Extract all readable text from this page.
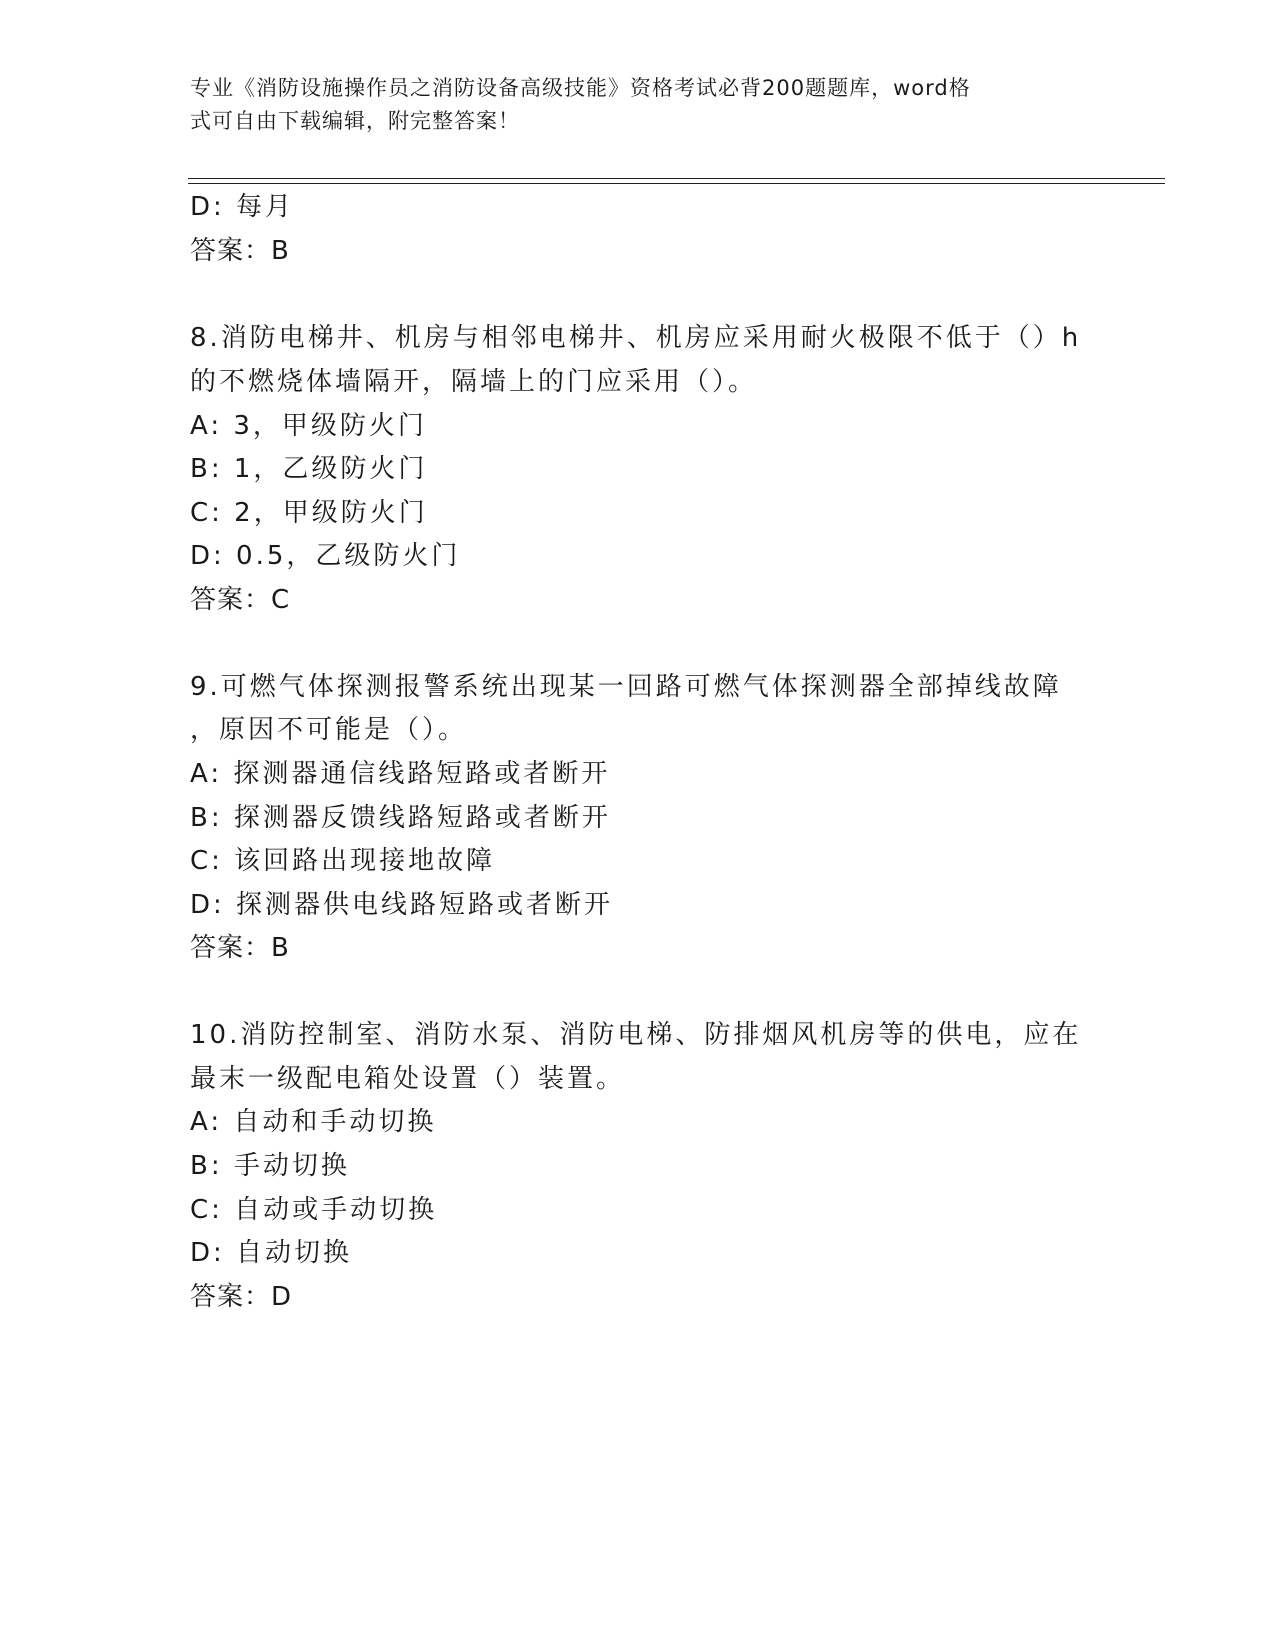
专业《消防设施操作员之消防设备高级技能》资格考试必背200题题库，word格
式可自由下载编辑，附完整答案！
D: 每月
答案：B
8.消防电梯井、机房与相邻电梯井、机房应采用耐火极限不低于（）h
的不燃烧体墙隔开，隔墙上的门应采用（）。
A: 3，甲级防火门
B: 1，乙级防火门
C: 2，甲级防火门
D: 0.5，乙级防火门
答案：C
9.可燃气体探测报警系统出现某一回路可燃气体探测器全部掉线故障
，原因不可能是（）。
A: 探测器通信线路短路或者断开
B: 探测器反馈线路短路或者断开
C: 该回路出现接地故障
D: 探测器供电线路短路或者断开
答案：B
10.消防控制室、消防水泵、消防电梯、防排烟风机房等的供电，应在
最末一级配电箱处设置（）装置。
A: 自动和手动切换
B: 手动切换
C: 自动或手动切换
D: 自动切换
答案：D
